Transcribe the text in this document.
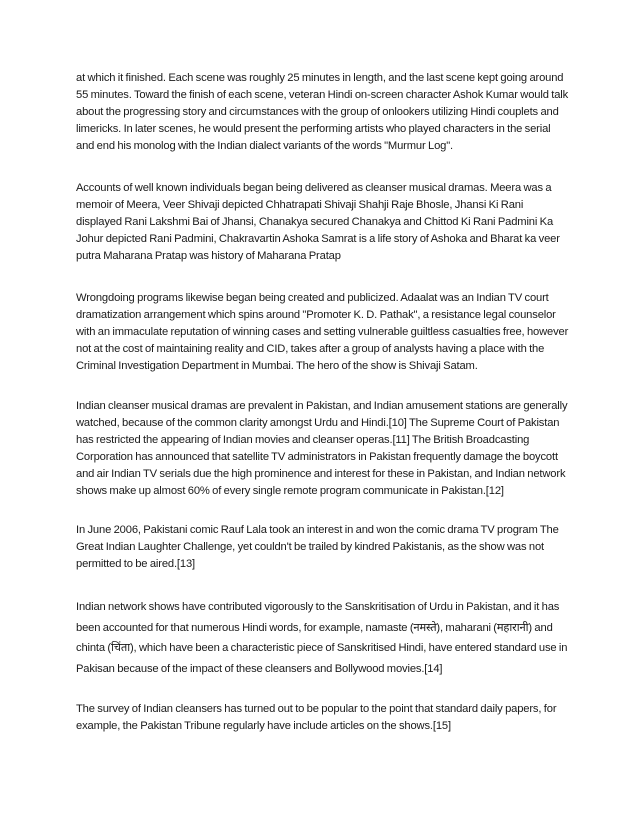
at which it finished. Each scene was roughly 25 minutes in length, and the last scene kept going around 55 minutes. Toward the finish of each scene, veteran Hindi on-screen character Ashok Kumar would talk about the progressing story and circumstances with the group of onlookers utilizing Hindi couplets and limericks. In later scenes, he would present the performing artists who played characters in the serial and end his monolog with the Indian dialect variants of the words "Murmur Log".

Accounts of well known individuals began being delivered as cleanser musical dramas. Meera was a memoir of Meera, Veer Shivaji depicted Chhatrapati Shivaji Shahji Raje Bhosle, Jhansi Ki Rani displayed Rani Lakshmi Bai of Jhansi, Chanakya secured Chanakya and Chittod Ki Rani Padmini Ka Johur depicted Rani Padmini, Chakravartin Ashoka Samrat is a life story of Ashoka and Bharat ka veer putra Maharana Pratap was history of Maharana Pratap

Wrongdoing programs likewise began being created and publicized. Adaalat was an Indian TV court dramatization arrangement which spins around "Promoter K. D. Pathak", a resistance legal counselor with an immaculate reputation of winning cases and setting vulnerable guiltless casualties free, however not at the cost of maintaining reality and CID, takes after a group of analysts having a place with the Criminal Investigation Department in Mumbai. The hero of the show is Shivaji Satam.

Indian cleanser musical dramas are prevalent in Pakistan, and Indian amusement stations are generally watched, because of the common clarity amongst Urdu and Hindi.[10] The Supreme Court of Pakistan has restricted the appearing of Indian movies and cleanser operas.[11] The British Broadcasting Corporation has announced that satellite TV administrators in Pakistan frequently damage the boycott and air Indian TV serials due the high prominence and interest for these in Pakistan, and Indian network shows make up almost 60% of every single remote program communicate in Pakistan.[12]

In June 2006, Pakistani comic Rauf Lala took an interest in and won the comic drama TV program The Great Indian Laughter Challenge, yet couldn't be trailed by kindred Pakistanis, as the show was not permitted to be aired.[13]

Indian network shows have contributed vigorously to the Sanskritisation of Urdu in Pakistan, and it has been accounted for that numerous Hindi words, for example, namaste (नमस्ते), maharani (महारानी) and chinta (चिंता), which have been a characteristic piece of Sanskritised Hindi, have entered standard use in Pakisan because of the impact of these cleansers and Bollywood movies.[14]

The survey of Indian cleansers has turned out to be popular to the point that standard daily papers, for example, the Pakistan Tribune regularly have include articles on the shows.[15]
